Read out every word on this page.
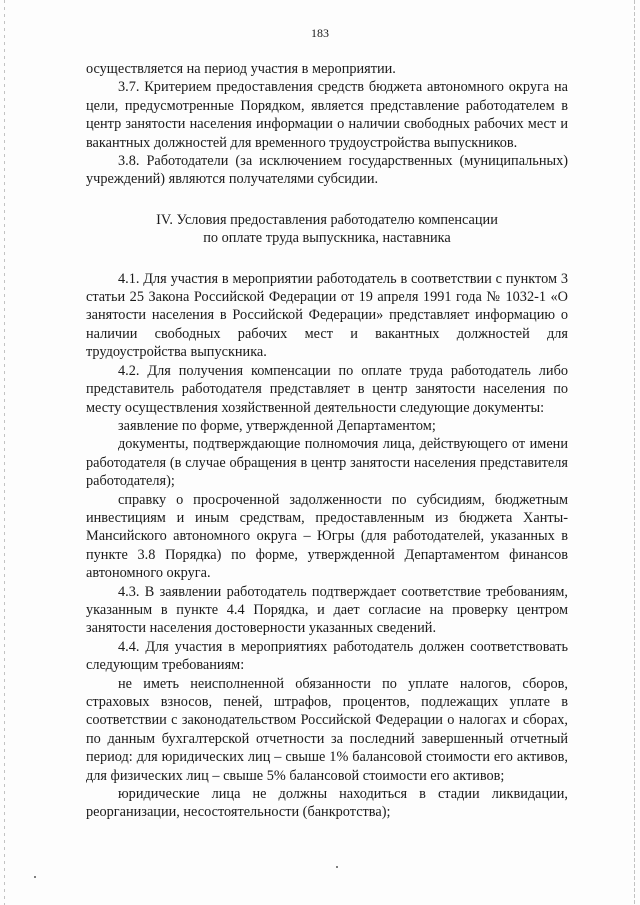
183

осуществляется на период участия в мероприятии.

3.7. Критерием предоставления средств бюджета автономного округа на цели, предусмотренные Порядком, является представление работодателем в центр занятости населения информации о наличии свободных рабочих мест и вакантных должностей для временного трудоустройства выпускников.

3.8. Работодатели (за исключением государственных (муниципальных) учреждений) являются получателями субсидии.

IV. Условия предоставления работодателю компенсации
по оплате труда выпускника, наставника

4.1. Для участия в мероприятии работодатель в соответствии с пунктом 3 статьи 25 Закона Российской Федерации от 19 апреля 1991 года № 1032-1 «О занятости населения в Российской Федерации» представляет информацию о наличии свободных рабочих мест и вакантных должностей для трудоустройства выпускника.

4.2. Для получения компенсации по оплате труда работодатель либо представитель работодателя представляет в центр занятости населения по месту осуществления хозяйственной деятельности следующие документы:

заявление по форме, утвержденной Департаментом;

документы, подтверждающие полномочия лица, действующего от имени работодателя (в случае обращения в центр занятости населения представителя работодателя);

справку о просроченной задолженности по субсидиям, бюджетным инвестициям и иным средствам, предоставленным из бюджета Ханты-Мансийского автономного округа – Югры (для работодателей, указанных в пункте 3.8 Порядка) по форме, утвержденной Департаментом финансов автономного округа.

4.3. В заявлении работодатель подтверждает соответствие требованиям, указанным в пункте 4.4 Порядка, и дает согласие на проверку центром занятости населения достоверности указанных сведений.

4.4. Для участия в мероприятиях работодатель должен соответствовать следующим требованиям:

не иметь неисполненной обязанности по уплате налогов, сборов, страховых взносов, пеней, штрафов, процентов, подлежащих уплате в соответствии с законодательством Российской Федерации о налогах и сборах, по данным бухгалтерской отчетности за последний завершенный отчетный период: для юридических лиц – свыше 1% балансовой стоимости его активов, для физических лиц – свыше 5% балансовой стоимости его активов;

юридические лица не должны находиться в стадии ликвидации, реорганизации, несостоятельности (банкротства);
